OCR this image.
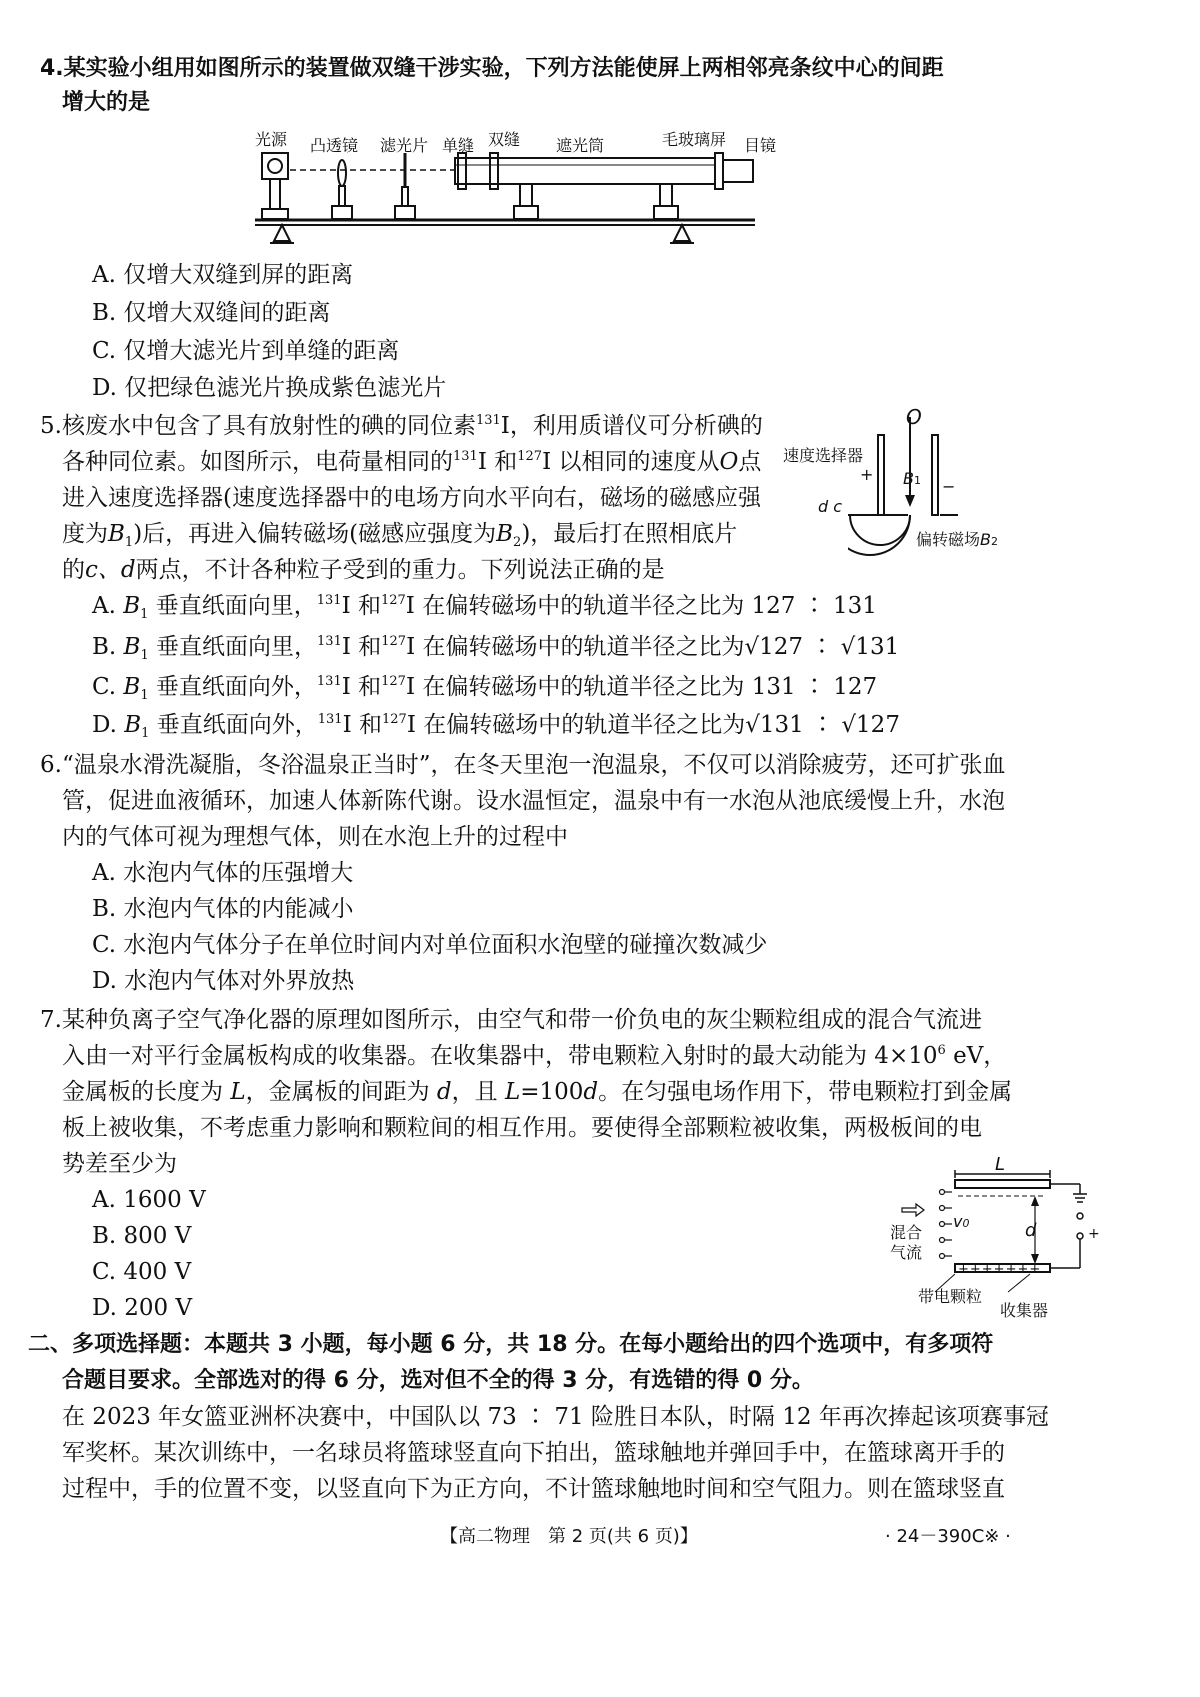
4.某实验小组用如图所示的装置做双缝干涉实验，下列方法能使屏上两相邻亮条纹中心的间距
增大的是
光源 凸透镜 滤光片 单缝 双缝 遮光筒	毛玻璃屏 目镜
A. 仅增大双缝到屏的距离
B. 仅增大双缝间的距离
C. 仅增大滤光片到单缝的距离
D. 仅把绿色滤光片换成紫色滤光片
5.核废水中包含了具有放射性的碘的同位素$^{131}$I，利用质谱仪可分析碘的
各种同位素。如图所示，电荷量相同的$^{131}$I 和$^{127}$I 以相同的速度从O点
进入速度选择器(速度选择器中的电场方向水平向右，磁场的磁感应强
度为$B_1$)后，再进入偏转磁场(磁感应强度为$B_2$)，最后打在照相底片
的c、d两点，不计各种粒子受到的重力。下列说法正确的是
O
速度选择器
+
−
B1
d c
偏转磁场B2
A. $B_1$ 垂直纸面向里，$^{131}$I 和$^{127}$I 在偏转磁场中的轨道半径之比为 127 ∶ 131
B. $B_1$ 垂直纸面向里，$^{131}$I 和$^{127}$I 在偏转磁场中的轨道半径之比为√127 ∶ √131
C. $B_1$ 垂直纸面向外，$^{131}$I 和$^{127}$I 在偏转磁场中的轨道半径之比为 131 ∶ 127
D. $B_1$ 垂直纸面向外，$^{131}$I 和$^{127}$I 在偏转磁场中的轨道半径之比为√131 ∶ √127
6.“温泉水滑洗凝脂，冬浴温泉正当时”，在冬天里泡一泡温泉，不仅可以消除疲劳，还可扩张血
管，促进血液循环，加速人体新陈代谢。设水温恒定，温泉中有一水泡从池底缓慢上升，水泡
内的气体可视为理想气体，则在水泡上升的过程中
A. 水泡内气体的压强增大
B. 水泡内气体的内能减小
C. 水泡内气体分子在单位时间内对单位面积水泡壁的碰撞次数减少
D. 水泡内气体对外界放热
7.某种负离子空气净化器的原理如图所示，由空气和带一价负电的灰尘颗粒组成的混合气流进
入由一对平行金属板构成的收集器。在收集器中，带电颗粒入射时的最大动能为 $4\times 10^6$ eV，
金属板的长度为 L，金属板的间距为 d，且 L=100d。在匀强电场作用下，带电颗粒打到金属
板上被收集，不考虑重力影响和颗粒间的相互作用。要使得全部颗粒被收集，两极板间的电
势差至少为
A. 1600 V
B. 800 V
C. 400 V
D. 200 V
L
v0	d	+
混合
气流
+++++++
带电颗粒
收集器
二、多项选择题：本题共 3 小题，每小题 6 分，共 18 分。在每小题给出的四个选项中，有多项符
合题目要求。全部选对的得 6 分，选对但不全的得 3 分，有选错的得 0 分。
在 2023 年女篮亚洲杯决赛中，中国队以 73 ∶ 71 险胜日本队，时隔 12 年再次捧起该项赛事冠
军奖杯。某次训练中，一名球员将篮球竖直向下拍出，篮球触地并弹回手中，在篮球离开手的
过程中，手的位置不变，以竖直向下为正方向，不计篮球触地时间和空气阻力。则在篮球竖直
【高二物理　第 2 页(共 6 页)】	· 24－390C※ ·
